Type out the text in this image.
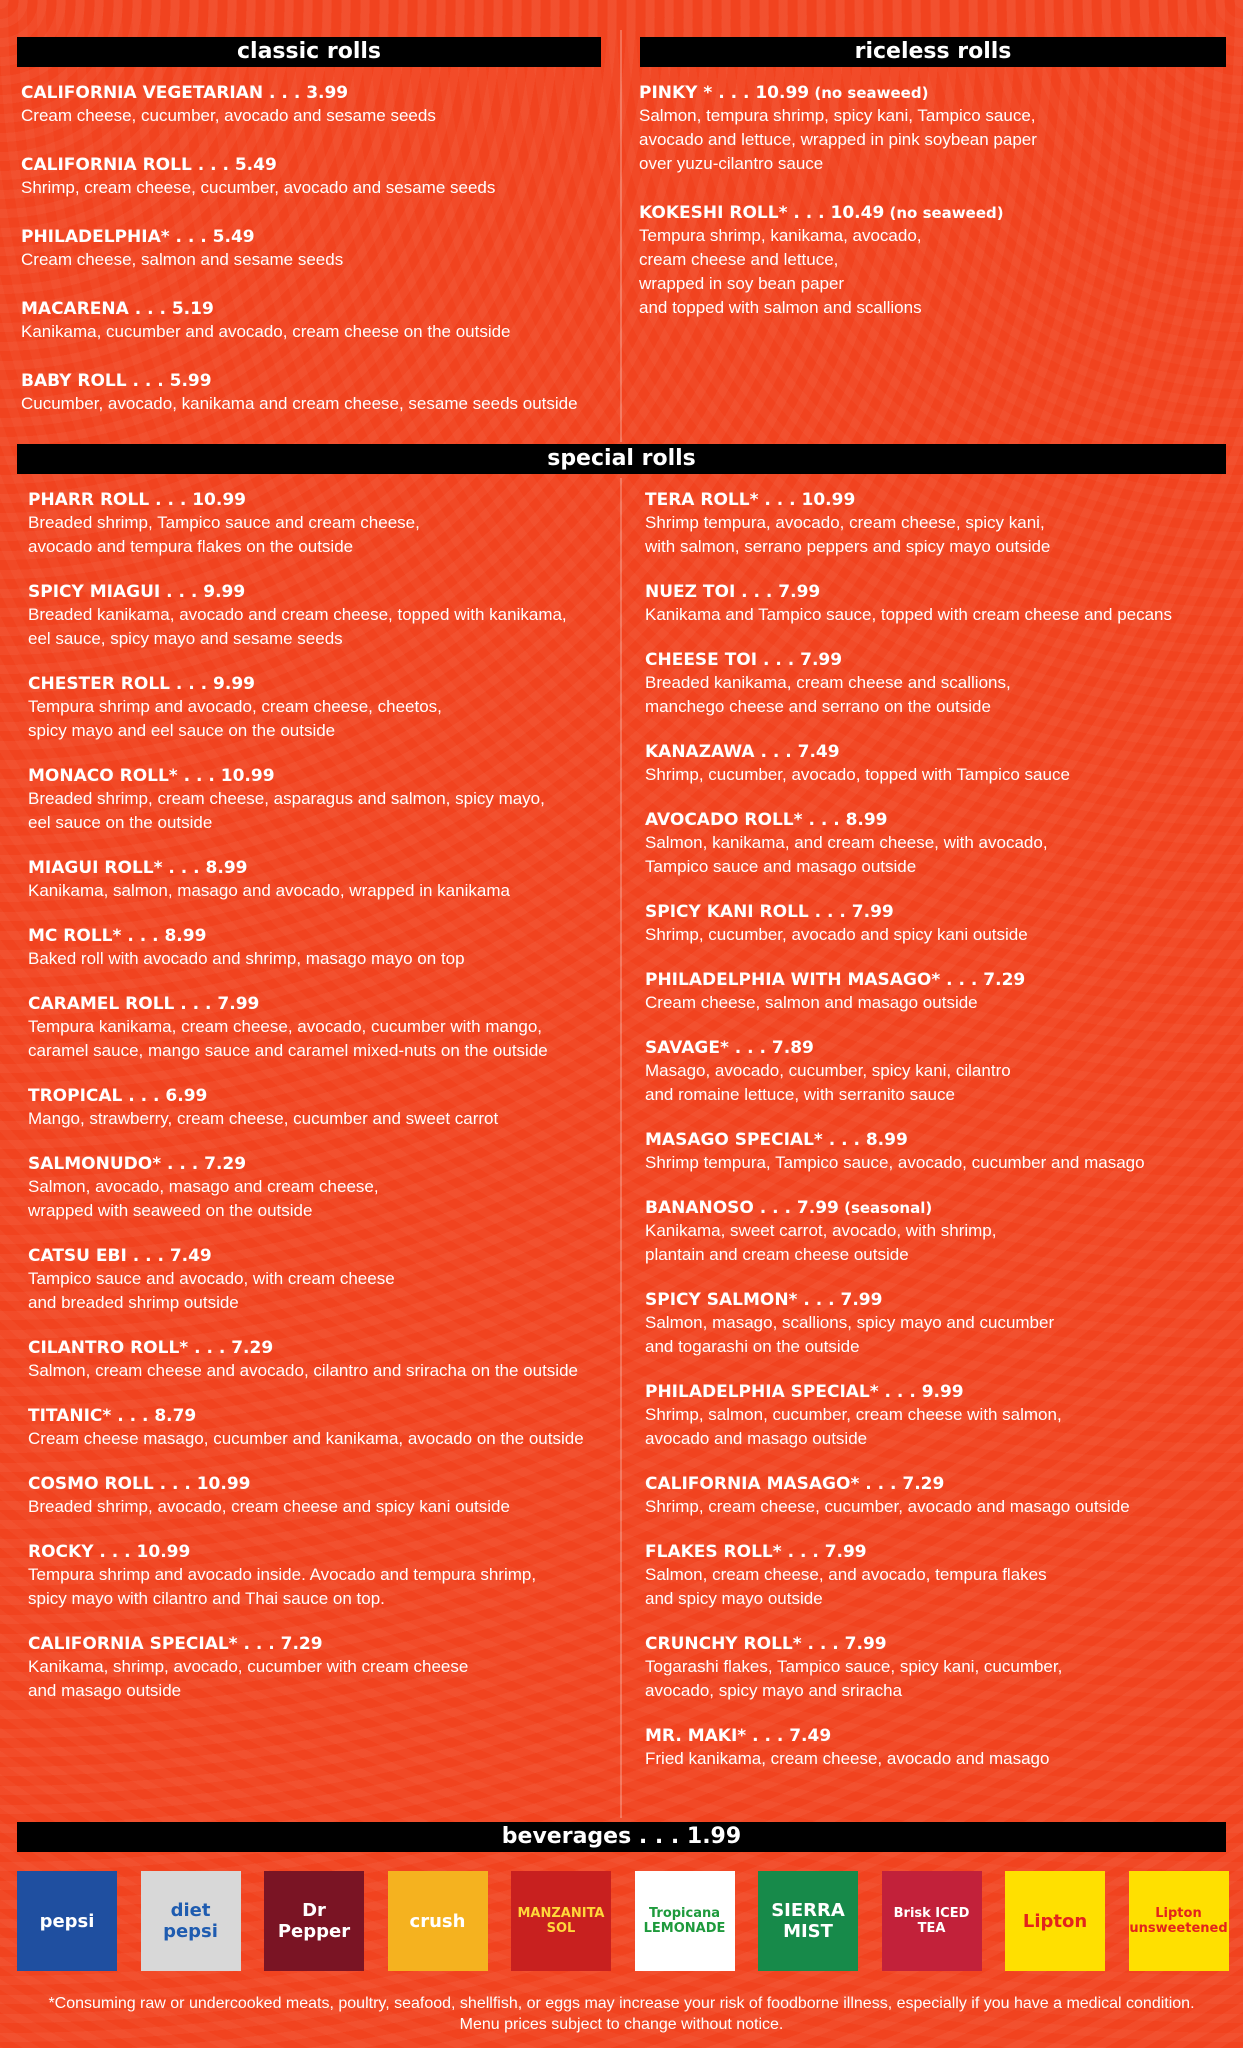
classic rolls	riceless rolls
CALIFORNIA VEGETARIAN . . . 3.99
Cream cheese, cucumber, avocado and sesame seeds
CALIFORNIA ROLL . . . 5.49
Shrimp, cream cheese, cucumber, avocado and sesame seeds
PHILADELPHIA* . . . 5.49
Cream cheese, salmon and sesame seeds
MACARENA . . . 5.19
Kanikama, cucumber and avocado, cream cheese on the outside
BABY ROLL . . . 5.99
Cucumber, avocado, kanikama and cream cheese, sesame seeds outside
PINKY * . . . 10.99 (no seaweed)
Salmon, tempura shrimp, spicy kani, Tampico sauce,
avocado and lettuce, wrapped in pink soybean paper
over yuzu-cilantro sauce
KOKESHI ROLL* . . . 10.49 (no seaweed)
Tempura shrimp, kanikama, avocado,
cream cheese and lettuce,
wrapped in soy bean paper
and topped with salmon and scallions
special rolls
PHARR ROLL . . . 10.99
Breaded shrimp, Tampico sauce and cream cheese,
avocado and tempura flakes on the outside
SPICY MIAGUI . . . 9.99
Breaded kanikama, avocado and cream cheese, topped with kanikama,
eel sauce, spicy mayo and sesame seeds
CHESTER ROLL . . . 9.99
Tempura shrimp and avocado, cream cheese, cheetos,
spicy mayo and eel sauce on the outside
MONACO ROLL* . . . 10.99
Breaded shrimp, cream cheese, asparagus and salmon, spicy mayo,
eel sauce on the outside
MIAGUI ROLL* . . . 8.99
Kanikama, salmon, masago and avocado, wrapped in kanikama
MC ROLL* . . . 8.99
Baked roll with avocado and shrimp, masago mayo on top
CARAMEL ROLL . . . 7.99
Tempura kanikama, cream cheese, avocado, cucumber with mango,
caramel sauce, mango sauce and caramel mixed-nuts on the outside
TROPICAL . . . 6.99
Mango, strawberry, cream cheese, cucumber and sweet carrot
SALMONUDO* . . . 7.29
Salmon, avocado, masago and cream cheese,
wrapped with seaweed on the outside
CATSU EBI . . . 7.49
Tampico sauce and avocado, with cream cheese
and breaded shrimp outside
CILANTRO ROLL* . . . 7.29
Salmon, cream cheese and avocado, cilantro and sriracha on the outside
TITANIC* . . . 8.79
Cream cheese masago, cucumber and kanikama, avocado on the outside
COSMO ROLL . . . 10.99
Breaded shrimp, avocado, cream cheese and spicy kani outside
ROCKY . . . 10.99
Tempura shrimp and avocado inside. Avocado and tempura shrimp,
spicy mayo with cilantro and Thai sauce on top.
CALIFORNIA SPECIAL* . . . 7.29
Kanikama, shrimp, avocado, cucumber with cream cheese
and masago outside
TERA ROLL* . . . 10.99
Shrimp tempura, avocado, cream cheese, spicy kani,
with salmon, serrano peppers and spicy mayo outside
NUEZ TOI . . . 7.99
Kanikama and Tampico sauce, topped with cream cheese and pecans
CHEESE TOI . . . 7.99
Breaded kanikama, cream cheese and scallions,
manchego cheese and serrano on the outside
KANAZAWA . . . 7.49
Shrimp, cucumber, avocado, topped with Tampico sauce
AVOCADO ROLL* . . . 8.99
Salmon, kanikama, and cream cheese, with avocado,
Tampico sauce and masago outside
SPICY KANI ROLL . . . 7.99
Shrimp, cucumber, avocado and spicy kani outside
PHILADELPHIA WITH MASAGO* . . . 7.29
Cream cheese, salmon and masago outside
SAVAGE* . . . 7.89
Masago, avocado, cucumber, spicy kani, cilantro
and romaine lettuce, with serranito sauce
MASAGO SPECIAL* . . . 8.99
Shrimp tempura, Tampico sauce, avocado, cucumber and masago
BANANOSO . . . 7.99 (seasonal)
Kanikama, sweet carrot, avocado, with shrimp,
plantain and cream cheese outside
SPICY SALMON* . . . 7.99
Salmon, masago, scallions, spicy mayo and cucumber
and togarashi on the outside
PHILADELPHIA SPECIAL* . . . 9.99
Shrimp, salmon, cucumber, cream cheese with salmon,
avocado and masago outside
CALIFORNIA MASAGO* . . . 7.29
Shrimp, cream cheese, cucumber, avocado and masago outside
FLAKES ROLL* . . . 7.99
Salmon, cream cheese, and avocado, tempura flakes
and spicy mayo outside
CRUNCHY ROLL* . . . 7.99
Togarashi flakes, Tampico sauce, spicy kani, cucumber,
avocado, spicy mayo and sriracha
MR. MAKI* . . . 7.49
Fried kanikama, cream cheese, avocado and masago
beverages . . . 1.99
pepsi	diet pepsi
Dr Pepper	crush	MANZANITA SOL
Tropicana LEMONADE
SIERRA MIST
Brisk ICED TEA	Lipton	Lipton unsweetened
*Consuming raw or undercooked meats, poultry, seafood, shellfish, or eggs may increase your risk of foodborne illness, especially if you have a medical condition.
Menu prices subject to change without notice.
